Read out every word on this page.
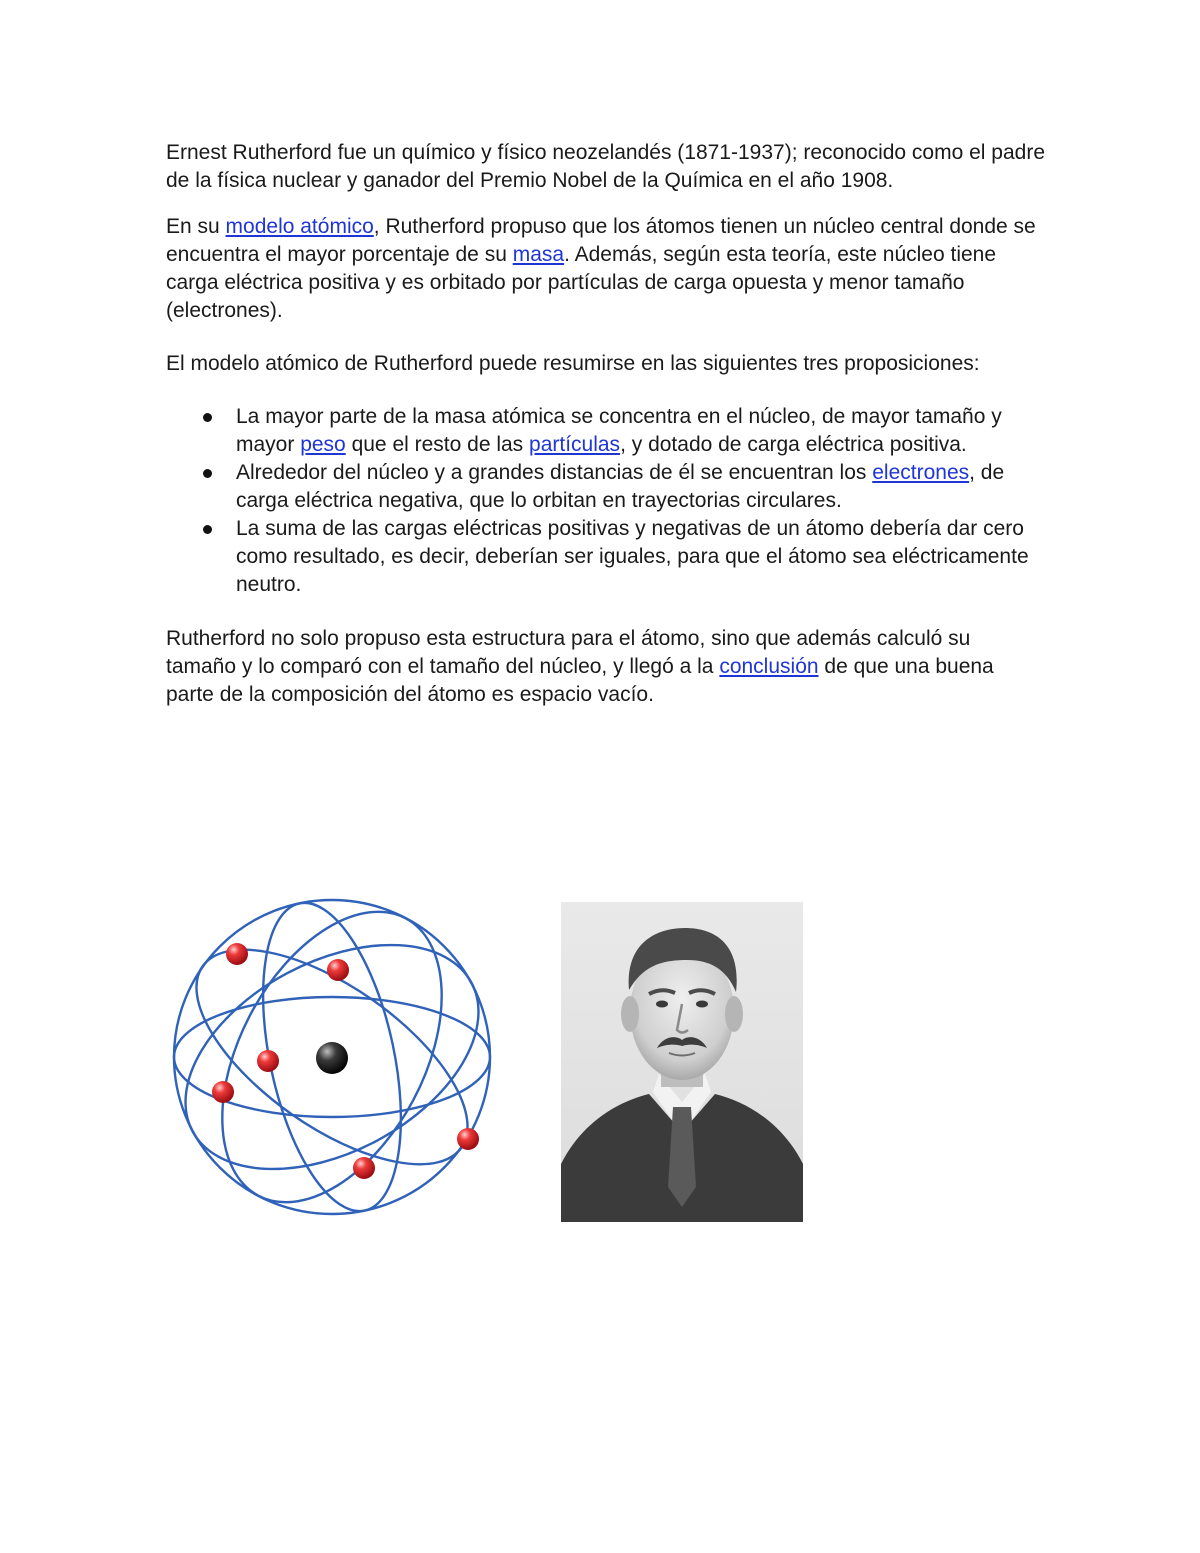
Ernest Rutherford fue un químico y físico neozelandés (1871-1937); reconocido como el padre de la física nuclear y ganador del Premio Nobel de la Química en el año 1908.

En su modelo atómico, Rutherford propuso que los átomos tienen un núcleo central donde se encuentra el mayor porcentaje de su masa. Además, según esta teoría, este núcleo tiene carga eléctrica positiva y es orbitado por partículas de carga opuesta y menor tamaño (electrones).

El modelo atómico de Rutherford puede resumirse en las siguientes tres proposiciones:

La mayor parte de la masa atómica se concentra en el núcleo, de mayor tamaño y mayor peso que el resto de las partículas, y dotado de carga eléctrica positiva.
Alrededor del núcleo y a grandes distancias de él se encuentran los electrones, de carga eléctrica negativa, que lo orbitan en trayectorias circulares.
La suma de las cargas eléctricas positivas y negativas de un átomo debería dar cero como resultado, es decir, deberían ser iguales, para que el átomo sea eléctricamente neutro.

Rutherford no solo propuso esta estructura para el átomo, sino que además calculó su tamaño y lo comparó con el tamaño del núcleo, y llegó a la conclusión de que una buena parte de la composición del átomo es espacio vacío.
